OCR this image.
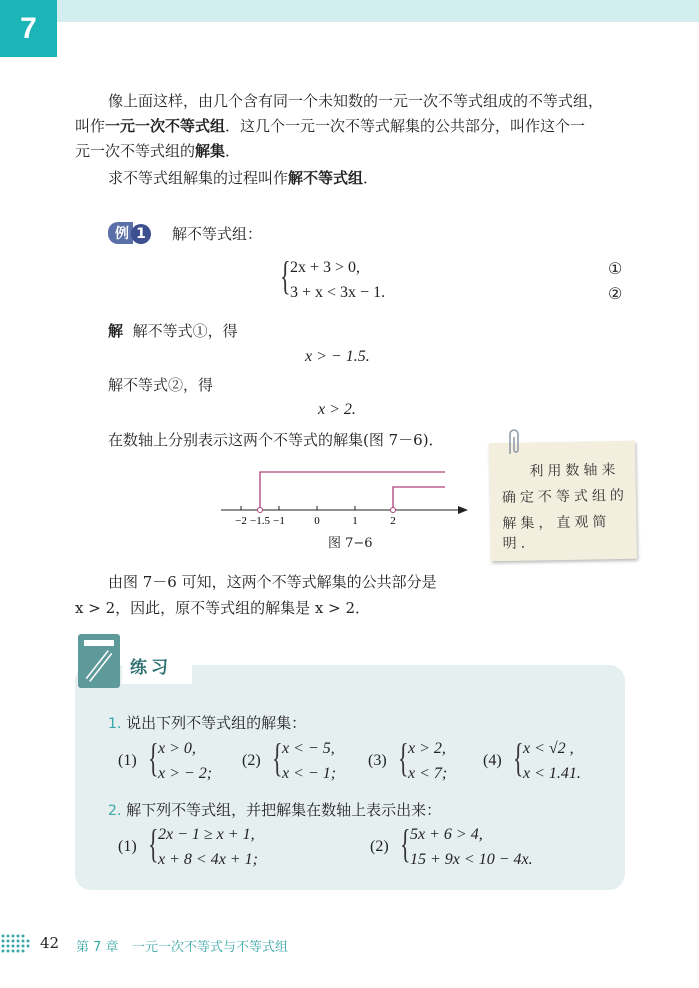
7
像上面这样，由几个含有同一个未知数的一元一次不等式组成的不等式组，
叫作一元一次不等式组．这几个一元一次不等式解集的公共部分，叫作这个一
元一次不等式组的解集．
求不等式组解集的过程叫作解不等式组．
例 1	解不等式组：
{ 2x + 3 > 0,	①
3 + x < 3x − 1.	②
解 解不等式①，得
x > − 1.5.
解不等式②，得
x > 2.
在数轴上分别表示这两个不等式的解集(图 7－6)．
−2 −1.5 −1	0	1	2
图 7−6

利用数轴来

确定不等式组的

解集，直观简明．

由图 7－6 可知，这两个不等式解集的公共部分是
x > 2，因此，原不等式组的解集是 x > 2．
练习
1. 说出下列不等式组的解集：
2. 解下列不等式组，并把解集在数轴上表示出来：
42 第 7 章 一元一次不等式与不等式组
(1) { x > 0,
x > − 2;
(2) { x < − 5,
x < − 1;
(3) { x > 2,
x < 7;
(4) { x < √2 ,
x < 1.41.
(1) { 2x − 1 ≥ x + 1,
x + 8 < 4x + 1;
(2) { 5x + 6 > 4,
15 + 9x < 10 − 4x.
